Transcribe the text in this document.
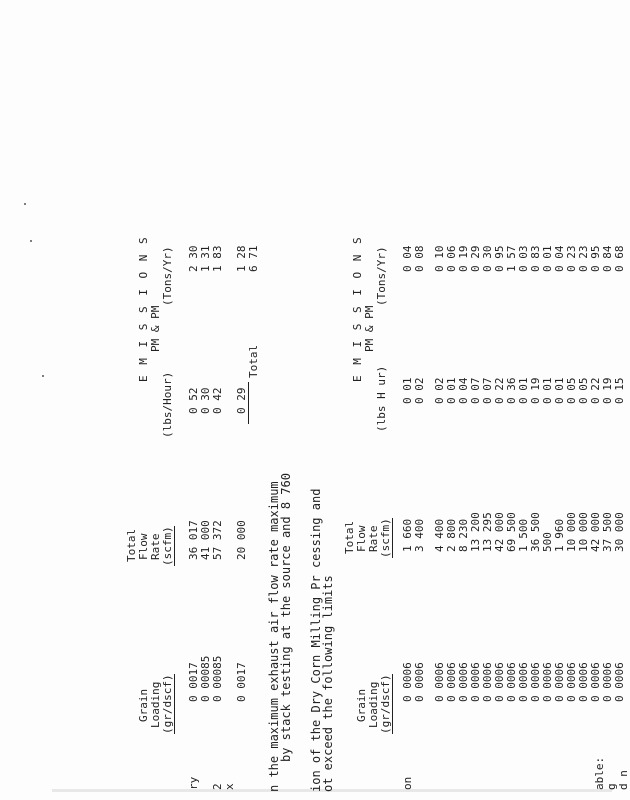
E M I S S I O N S
Grain Loading (gr/dscf)
Total Flow Rate (scfm)
PM & PM
(lbs/Hour)
(Tons/Yr)
ry
0 0017
36 017
0 52
2 30
0 00085
41 000
0 30
1 31
2
0 00085
57 372
0 42
1 83
x
0 0017
20 000
0 29
1 28
Total
6 71
n the maximum exhaust air flow rate maximum
by stack testing at the source and 8 760 ion of the Dry Corn Milling Pr cessing and
ot exceed the following limits
E M I S S I O N S
Total
Grain
Flow
PM & PM
Loading
Rate
(lbs H ur)
(Tons/Yr)
(gr/dscf)
(scfm)
0 0006
1 660
0 01
0 04
0 0006
3 400
0 02
0 08
0 0006
4 400
0 02
0 10
0 0006
2 800
0 01
0 06
0 0006
8 230
0 04
0 19
0 0006
13 200
0 07
0 29
0 0006
13 295
0 07
0 30
0 0006
42 000
0 22
0 95
0 0006
69 500
0 36
1 57
0 0006
1 500
0 01
0 03
0 0006
36 500
0 19
0 83
0 0006
500
0 01
0 01
0 0006
1 960
0 01
0 04
0 0006
10 000
0 05
0 23
0 0006
10 000
0 05
0 23
0 0006
42 000
0 22
0 95
0 0006
37 500
0 19
0 84
0 0006
30 000
0 15
0 68
on	able: g d n
